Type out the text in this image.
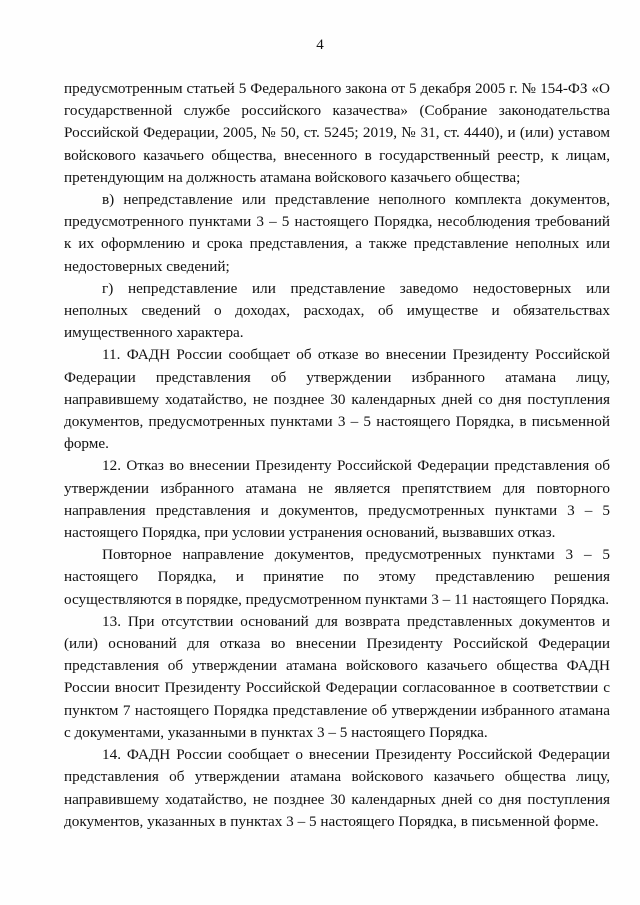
4

предусмотренным статьей 5 Федерального закона от 5 декабря 2005 г. № 154-ФЗ «О государственной службе российского казачества» (Собрание законодательства Российской Федерации, 2005, № 50, ст. 5245; 2019, № 31, ст. 4440), и (или) уставом войскового казачьего общества, внесенного в государственный реестр, к лицам, претендующим на должность атамана войскового казачьего общества;

в) непредставление или представление неполного комплекта документов, предусмотренного пунктами 3 – 5 настоящего Порядка, несоблюдения требований к их оформлению и срока представления, а также представление неполных или недостоверных сведений;

г) непредставление или представление заведомо недостоверных или неполных сведений о доходах, расходах, об имуществе и обязательствах имущественного характера.

11. ФАДН России сообщает об отказе во внесении Президенту Российской Федерации представления об утверждении избранного атамана лицу, направившему ходатайство, не позднее 30 календарных дней со дня поступления документов, предусмотренных пунктами 3 – 5 настоящего Порядка, в письменной форме.

12. Отказ во внесении Президенту Российской Федерации представления об утверждении избранного атамана не является препятствием для повторного направления представления и документов, предусмотренных пунктами 3 – 5 настоящего Порядка, при условии устранения оснований, вызвавших отказ.

Повторное направление документов, предусмотренных пунктами 3 – 5 настоящего Порядка, и принятие по этому представлению решения осуществляются в порядке, предусмотренном пунктами 3 – 11 настоящего Порядка.

13. При отсутствии оснований для возврата представленных документов и (или) оснований для отказа во внесении Президенту Российской Федерации представления об утверждении атамана войскового казачьего общества ФАДН России вносит Президенту Российской Федерации согласованное в соответствии с пунктом 7 настоящего Порядка представление об утверждении избранного атамана с документами, указанными в пунктах 3 – 5 настоящего Порядка.

14. ФАДН России сообщает о внесении Президенту Российской Федерации представления об утверждении атамана войскового казачьего общества лицу, направившему ходатайство, не позднее 30 календарных дней со дня поступления документов, указанных в пунктах 3 – 5 настоящего Порядка, в письменной форме.
